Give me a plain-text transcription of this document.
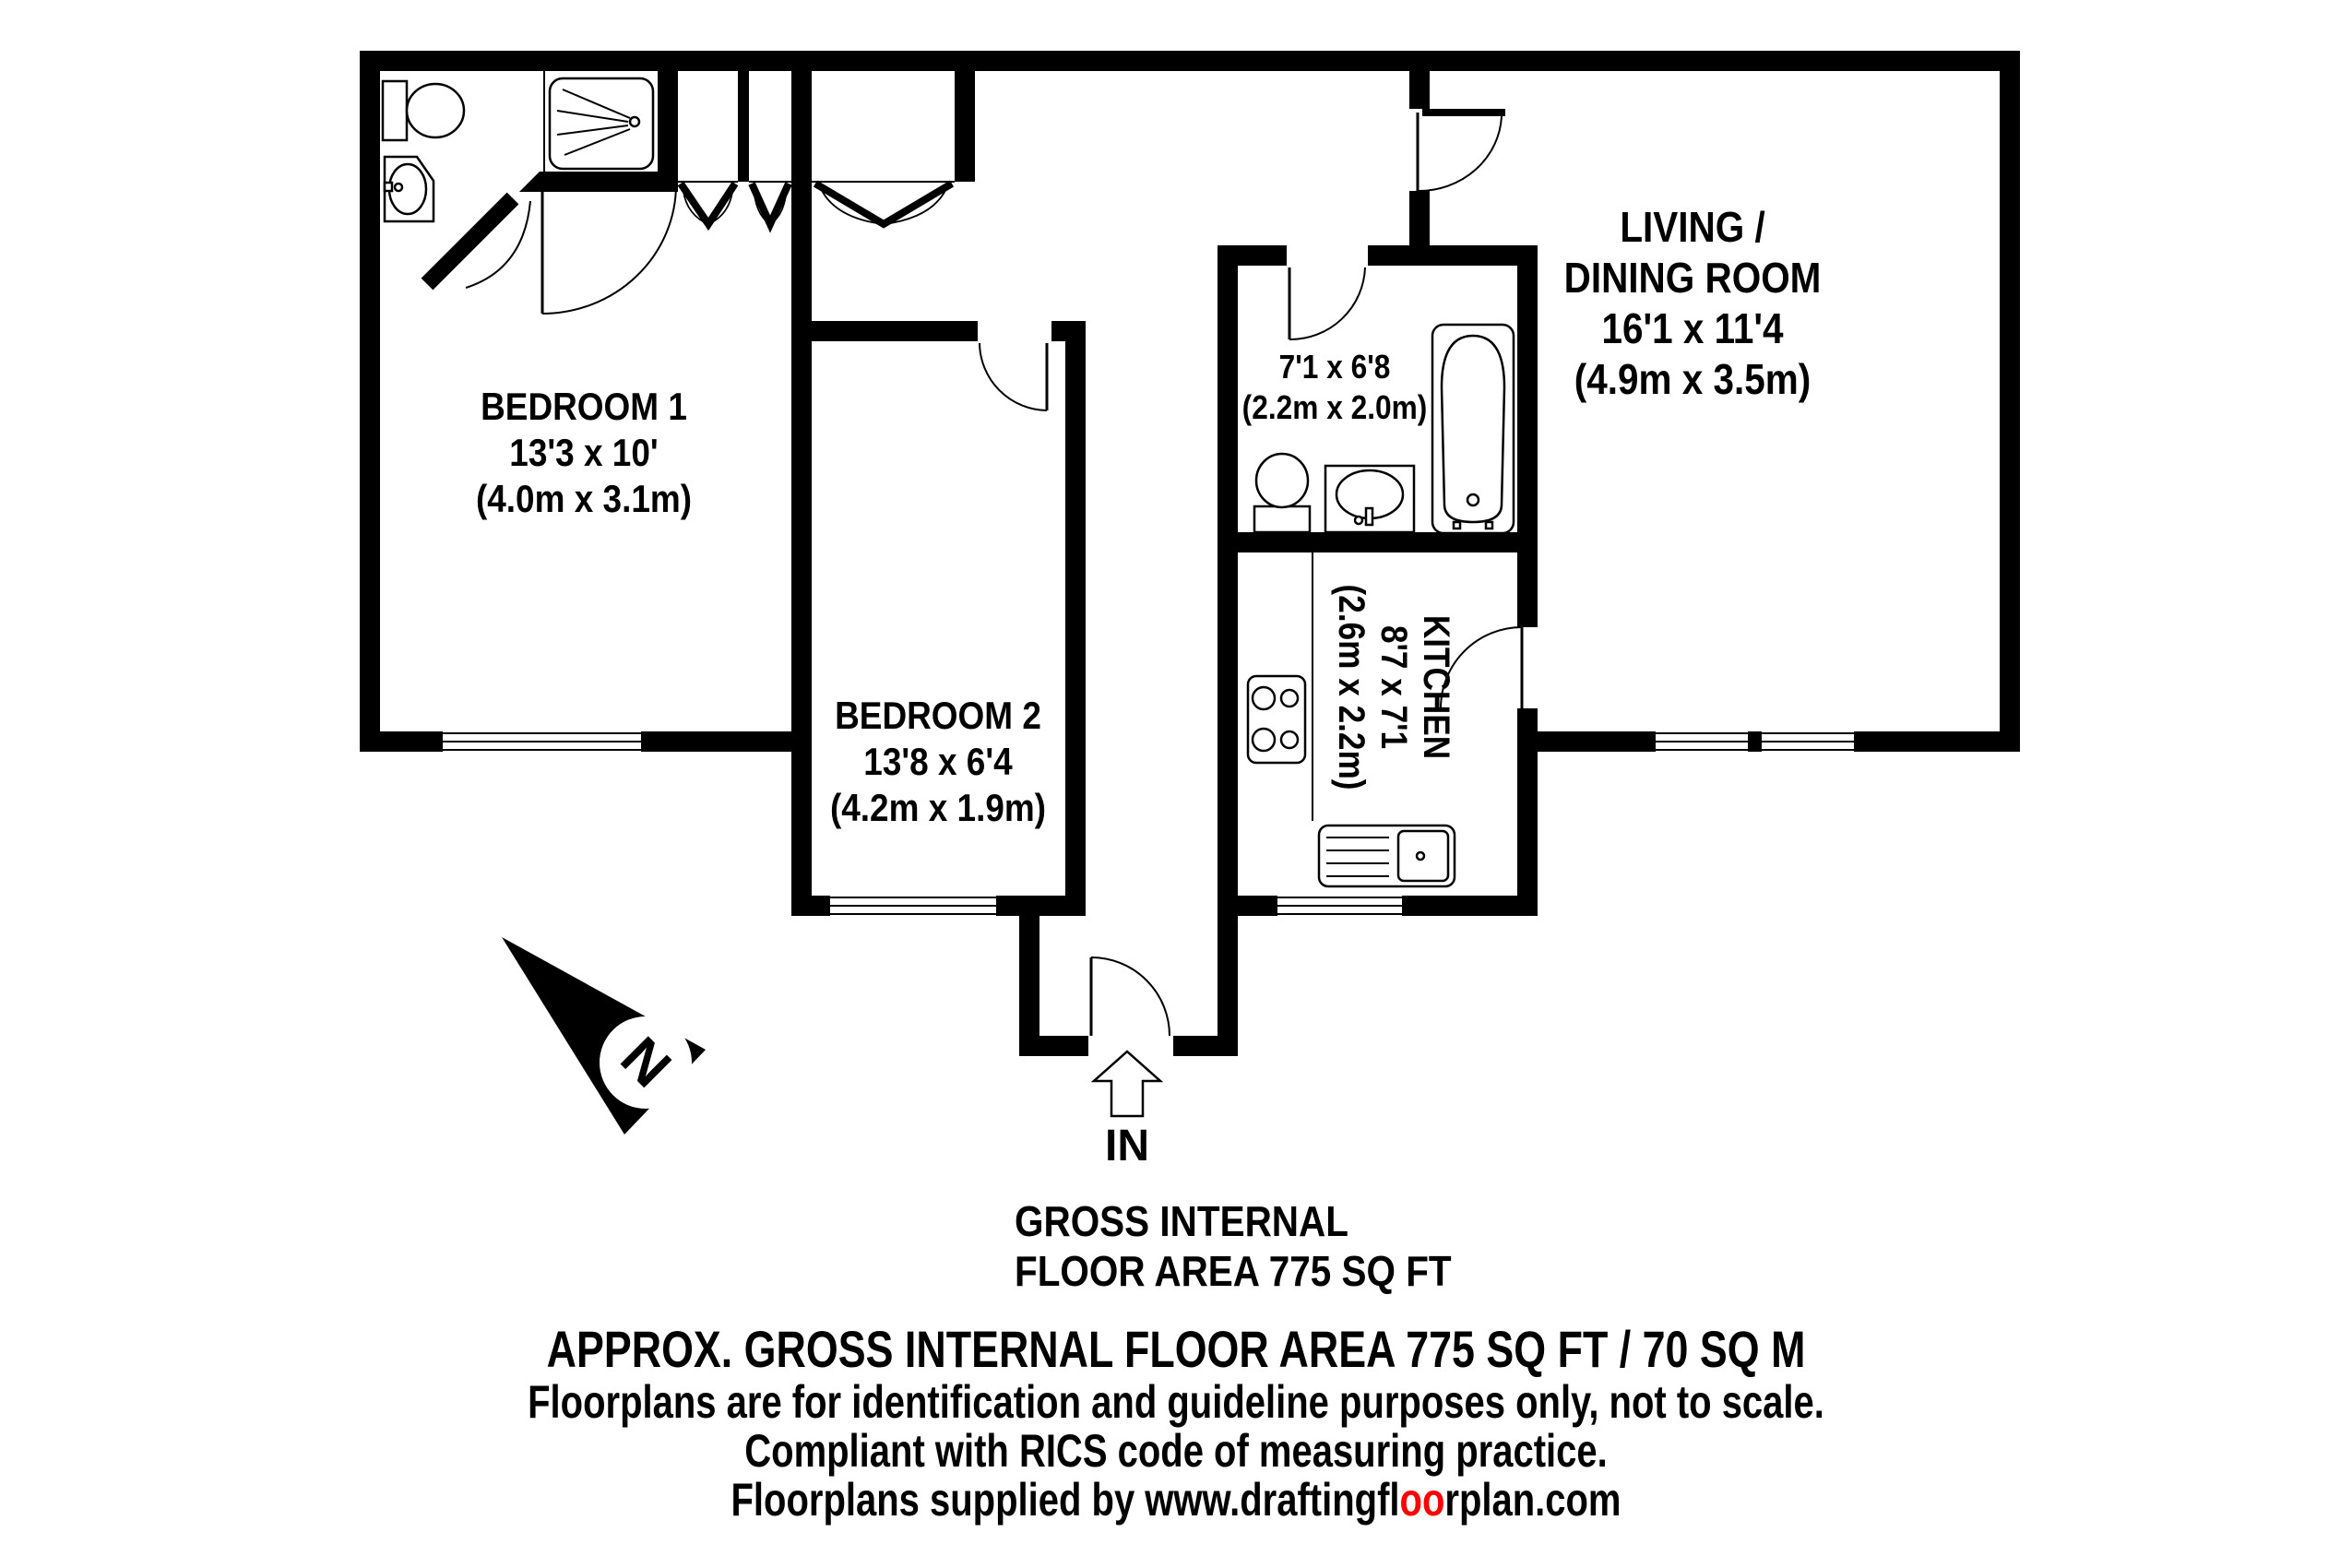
BEDROOM 1
13'3 x 10'
(4.0m x 3.1m)
BEDROOM 2
13'8 x 6'4
(4.2m x 1.9m)
7'1 x 6'8
(2.2m x 2.0m)
KITCHEN
8'7 x 7'1
(2.6m x 2.2m)
LIVING /
DINING ROOM
16'1 x 11'4
(4.9m x 3.5m)
N
IN
GROSS INTERNAL
FLOOR AREA 775 SQ FT
APPROX. GROSS INTERNAL FLOOR AREA 775 SQ FT / 70 SQ M
Floorplans are for identification and guideline purposes only, not to scale.
Compliant with RICS code of measuring practice.
Floorplans supplied by www.draftingfloorplan.com
